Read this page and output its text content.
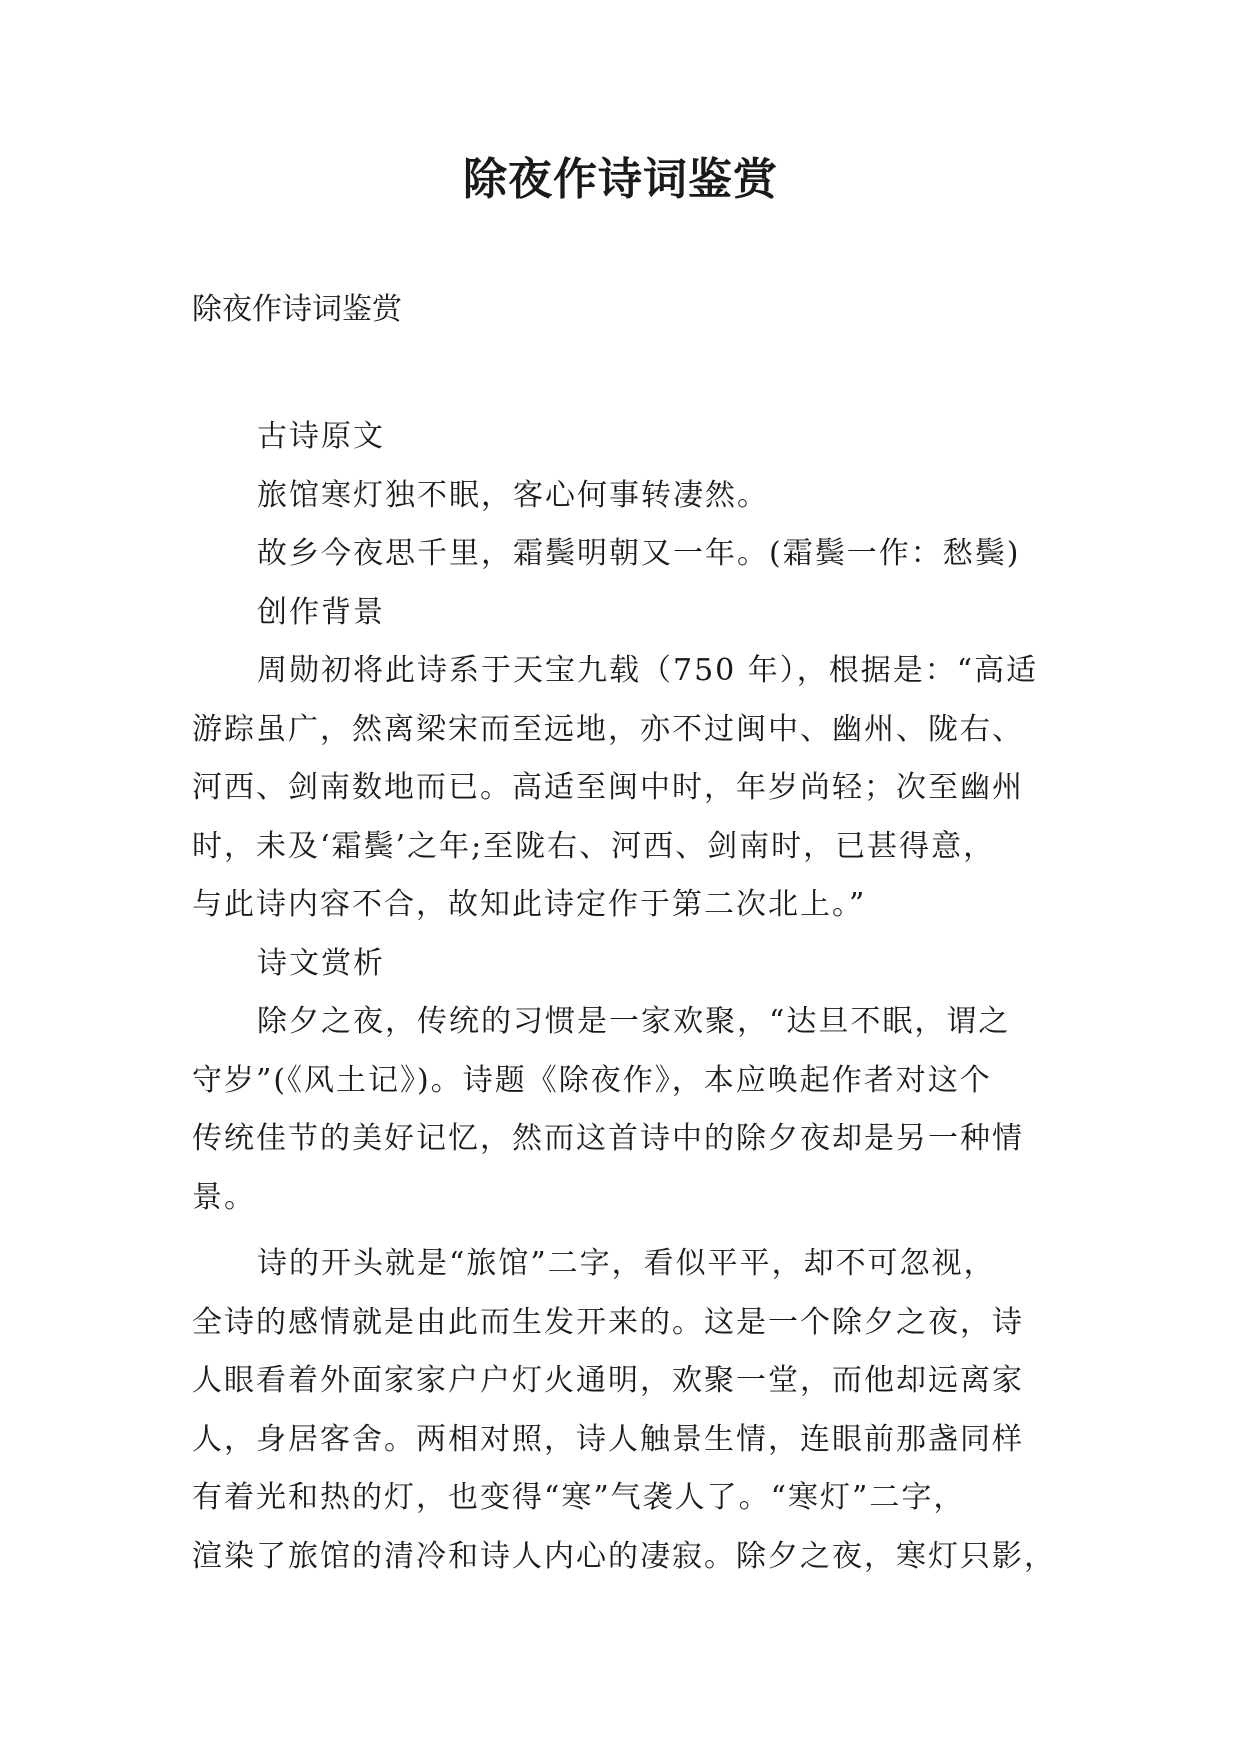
除夜作诗词鉴赏
除夜作诗词鉴赏
古诗原文
旅馆寒灯独不眠，客心何事转凄然。
故乡今夜思千里，霜鬓明朝又一年。(霜鬓一作：愁鬓)
创作背景
周勋初将此诗系于天宝九载（750 年），根据是：“高适
游踪虽广，然离梁宋而至远地，亦不过闽中、幽州、陇右、
河西、剑南数地而已。高适至闽中时，年岁尚轻；次至幽州
时，未及‘霜鬓’之年;至陇右、河西、剑南时，已甚得意，
与此诗内容不合，故知此诗定作于第二次北上。”
诗文赏析
除夕之夜，传统的习惯是一家欢聚，“达旦不眠，谓之
守岁”(《风土记》)。诗题《除夜作》，本应唤起作者对这个
传统佳节的美好记忆，然而这首诗中的除夕夜却是另一种情
景。
诗的开头就是“旅馆”二字，看似平平，却不可忽视，
全诗的感情就是由此而生发开来的。这是一个除夕之夜，诗
人眼看着外面家家户户灯火通明，欢聚一堂，而他却远离家
人，身居客舍。两相对照，诗人触景生情，连眼前那盏同样
有着光和热的灯，也变得“寒”气袭人了。“寒灯”二字，
渲染了旅馆的清冷和诗人内心的凄寂。除夕之夜，寒灯只影，
